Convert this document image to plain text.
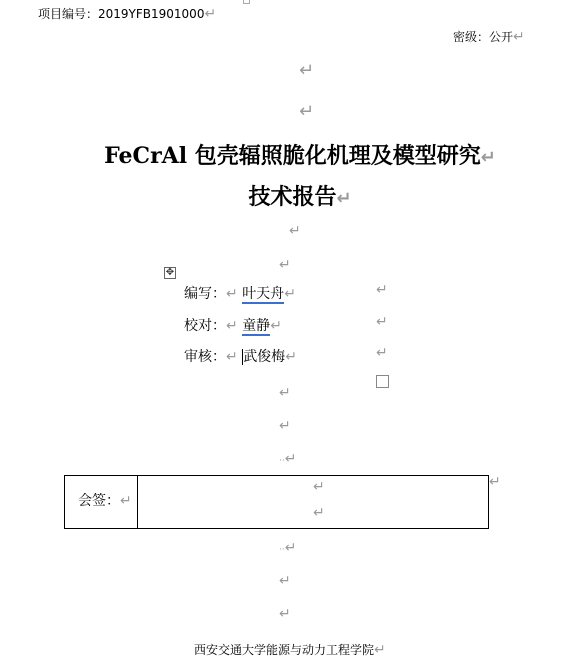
项目编号：2019YFB1901000↵
密级：公开↵
↵
↵
FeCrAl 包壳辐照脆化机理及模型研究↵
技术报告↵
↵
↵
✥
编写：↵ 叶天舟↵	↵
校对：↵ 童静↵	↵
审核：↵ 武俊梅↵	↵
↵
↵
··↵
会签：↵
↵
↵
↵
··↵
↵
↵
西安交通大学能源与动力工程学院↵
